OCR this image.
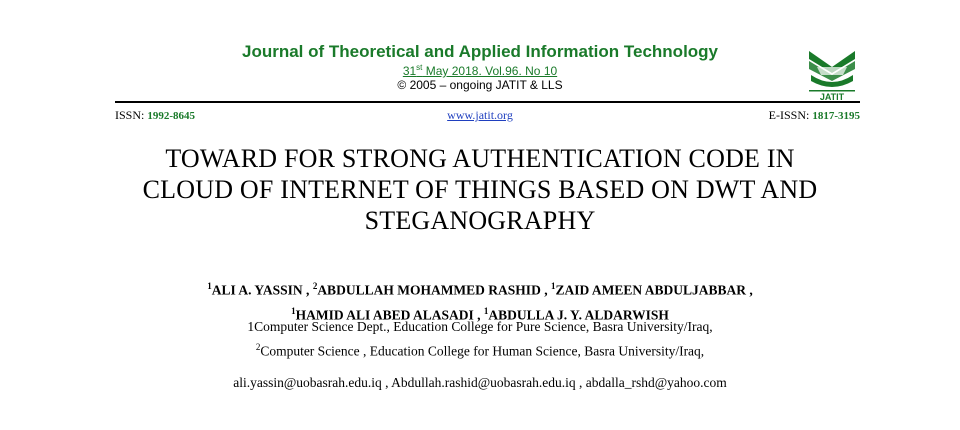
Journal of Theoretical and Applied Information Technology
31st May 2018. Vol.96. No 10
© 2005 – ongoing JATIT & LLS
JATIT
ISSN: 1992-8645	www.jatit.org	E-ISSN: 1817-3195
TOWARD FOR STRONG AUTHENTICATION CODE IN
CLOUD OF INTERNET OF THINGS BASED ON DWT AND
STEGANOGRAPHY
$^1$ALI A. YASSIN , $^2$ABDULLAH MOHAMMED RASHID , $^1$ZAID AMEEN ABDULJABBAR ,
$^1$HAMID ALI ABED ALASADI , $^1$ABDULLA J. Y. ALDARWISH
1Computer Science Dept., Education College for Pure Science, Basra University/Iraq,
$^2$Computer Science , Education College for Human Science, Basra University/Iraq,
ali.yassin@uobasrah.edu.iq , Abdullah.rashid@uobasrah.edu.iq , abdalla_rshd@yahoo.com
